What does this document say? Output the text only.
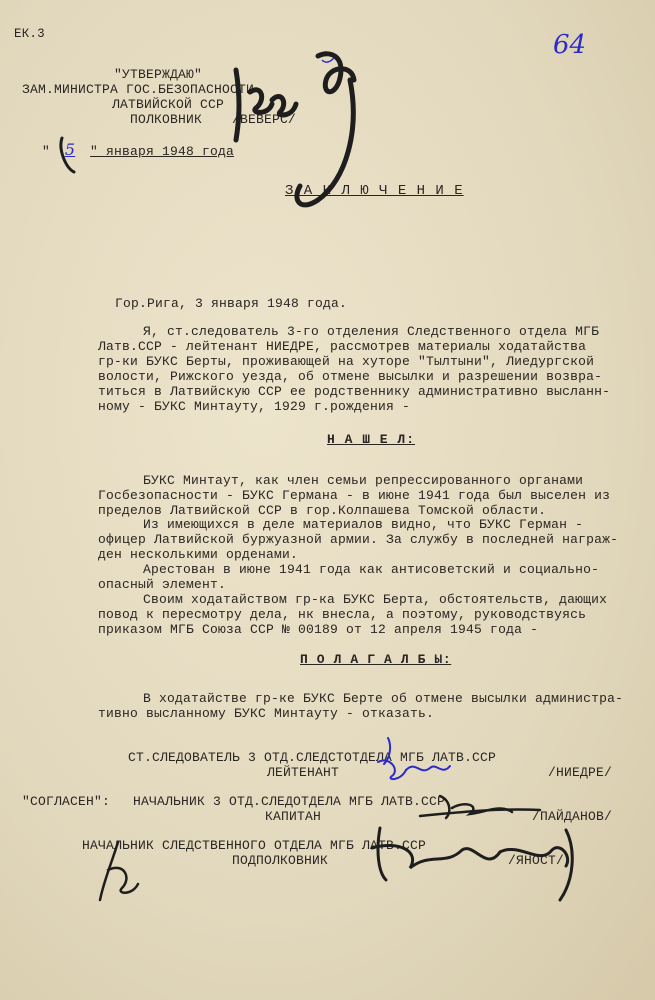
ЕК.3	64
"УТВЕРЖДАЮ"
ЗАМ.МИНИСТРА ГОС.БЕЗОПАСНОСТИ
ЛАТВИЙСКОЙ ССР
ПОЛКОВНИК /ВЕВЕРС/
" 5 " января 1948 года
З А К Л Ю Ч Е Н И Е
Гор.Рига, 3 января 1948 года.
Я, ст.следователь 3-го отделения Следственного отдела МГБ
Латв.ССР - лейтенант НИЕДРЕ, рассмотрев материалы ходатайства
гр-ки БУКС Берты, проживающей на хуторе "Тылтыни", Лиедургской
волости, Рижского уезда, об отмене высылки и разрешении возвра-
титься в Латвийскую ССР ее родственнику административно высланн-
ному - БУКС Минтауту, 1929 г.рождения -
Н А Ш Е Л:
БУКС Минтаут, как член семьи репрессированного органами
Госбезопасности - БУКС Германа - в июне 1941 года был выселен из
пределов Латвийской ССР в гор.Колпашева Томской области.
Из имеющихся в деле материалов видно, что БУКС Герман -
офицер Латвийской буржуазной армии. За службу в последней награж-
ден несколькими орденами.
Арестован в июне 1941 года как антисоветский и социально-
опасный элемент.
Своим ходатайством гр-ка БУКС Берта, обстоятельств, дающих
повод к пересмотру дела, нк внесла, а поэтому, руководствуясь
приказом МГБ Союза ССР № 00189 от 12 апреля 1945 года -
П О Л А Г А Л Б Ы:
В ходатайстве гр-ке БУКС Берте об отмене высылки администра-
тивно высланному БУКС Минтауту - отказать.
СТ.СЛЕДОВАТЕЛЬ 3 ОТД.СЛЕДСТОТДЕЛА МГБ ЛАТВ.ССР
ЛЕЙТЕНАНТ	/НИЕДРЕ/
"СОГЛАСЕН": НАЧАЛЬНИК 3 ОТД.СЛЕДОТДЕЛА МГБ ЛАТВ.ССР
КАПИТАН	/ПАЙДАНОВ/
НАЧАЛЬНИК СЛЕДСТВЕННОГО ОТДЕЛА МГБ ЛАТВ.ССР
ПОДПОЛКОВНИК	/ЯНОСТ/
